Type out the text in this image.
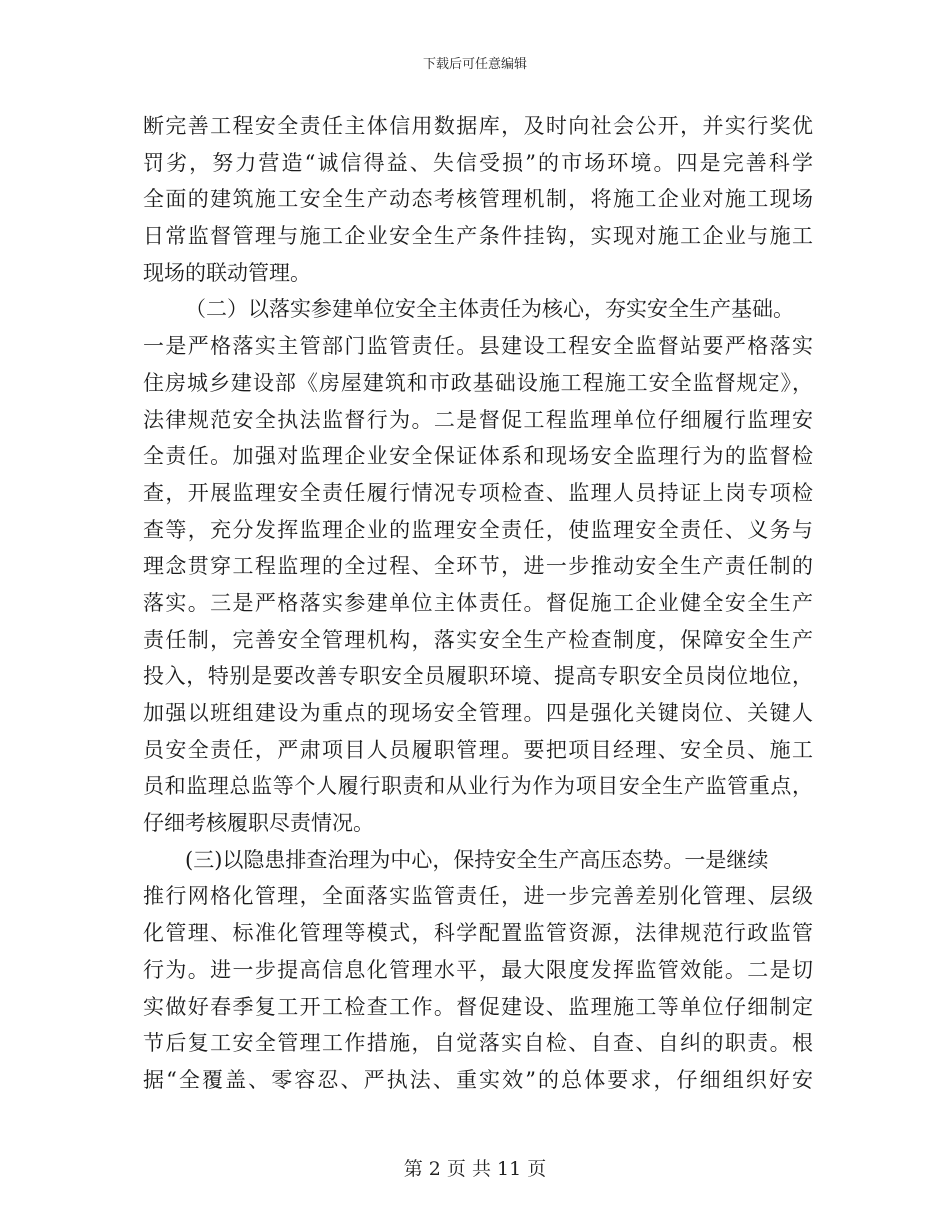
下载后可任意编辑
断完善工程安全责任主体信用数据库，及时向社会公开，并实行奖优
罚劣，努力营造“诚信得益、失信受损”的市场环境。四是完善科学
全面的建筑施工安全生产动态考核管理机制，将施工企业对施工现场
日常监督管理与施工企业安全生产条件挂钩，实现对施工企业与施工
现场的联动管理。
（二）以落实参建单位安全主体责任为核心，夯实安全生产基础。
一是严格落实主管部门监管责任。县建设工程安全监督站要严格落实
住房城乡建设部《房屋建筑和市政基础设施工程施工安全监督规定》，
法律规范安全执法监督行为。二是督促工程监理单位仔细履行监理安
全责任。加强对监理企业安全保证体系和现场安全监理行为的监督检
查，开展监理安全责任履行情况专项检查、监理人员持证上岗专项检
查等，充分发挥监理企业的监理安全责任，使监理安全责任、义务与
理念贯穿工程监理的全过程、全环节，进一步推动安全生产责任制的
落实。三是严格落实参建单位主体责任。督促施工企业健全安全生产
责任制，完善安全管理机构，落实安全生产检查制度，保障安全生产
投入，特别是要改善专职安全员履职环境、提高专职安全员岗位地位，
加强以班组建设为重点的现场安全管理。四是强化关键岗位、关键人
员安全责任，严肃项目人员履职管理。要把项目经理、安全员、施工
员和监理总监等个人履行职责和从业行为作为项目安全生产监管重点，
仔细考核履职尽责情况。
(三)以隐患排查治理为中心，保持安全生产高压态势。一是继续
推行网格化管理，全面落实监管责任，进一步完善差别化管理、层级
化管理、标准化管理等模式，科学配置监管资源，法律规范行政监管
行为。进一步提高信息化管理水平，最大限度发挥监管效能。二是切
实做好春季复工开工检查工作。督促建设、监理施工等单位仔细制定
节后复工安全管理工作措施，自觉落实自检、自查、自纠的职责。根
据“全覆盖、零容忍、严执法、重实效”的总体要求，仔细组织好安
第 2 页 共 11 页
